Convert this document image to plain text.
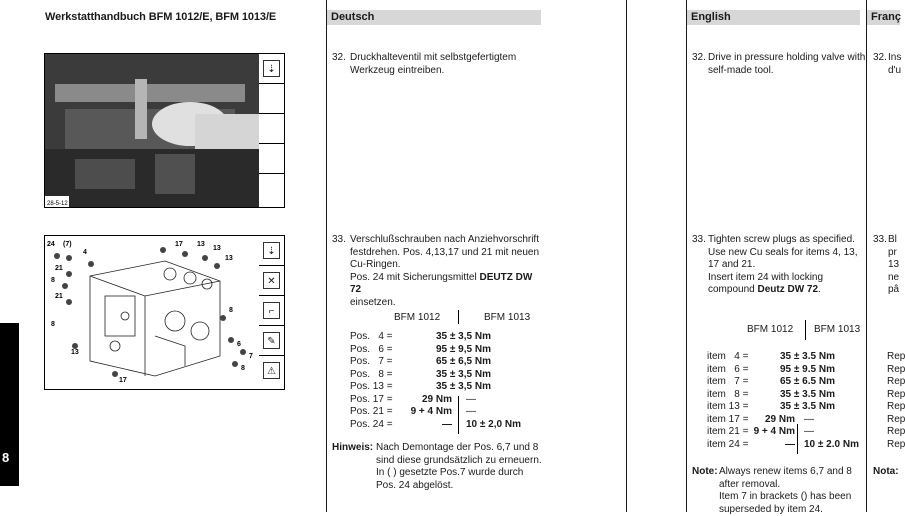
Werkstatthandbuch BFM 1012/E, BFM 1013/E	Deutsch	English	Franç
28-5-12
⇣
24 (7)
4
21
8
21
8
17 13
13
13
8
6
7
8
13
17
⇣
✕
⌐
✎
⚠
8
32. Druckhalteventil mit selbstgefertigtem
Werkzeug eintreiben.
33. Verschlußschrauben nach Anziehvorschrift
festdrehen. Pos. 4,13,17 und 21 mit neuen
Cu-Ringen.
Pos. 24 mit Sicherungsmittel DEUTZ DW 72
einsetzen.
BFM 1012	BFM 1013
Pos.   4 =	35 ± 3,5 Nm
Pos.   6 =	95 ± 9,5 Nm
Pos.   7 =	65 ± 6,5 Nm
Pos.   8 =	35 ± 3,5 Nm
Pos. 13 =	35 ± 3,5 Nm
Pos. 17 =	29 Nm —
Pos. 21 = 9 + 4 Nm —
Pos. 24 =	— 10 ± 2,0 Nm
Hinweis: Nach Demontage der Pos. 6,7 und 8
sind diese grundsätzlich zu erneuern.
In ( ) gesetzte Pos.7 wurde durch
Pos. 24 abgelöst.
32. Drive in pressure holding valve with
self-made tool.
33. Tighten screw plugs as specified.
Use new Cu seals for items 4, 13,
17 and 21.
Insert item 24 with locking
compound Deutz DW 72.
BFM 1012 BFM 1013
item   4 =	35 ± 3.5 Nm
item   6 =	95 ± 9.5 Nm
item   7 =	65 ± 6.5 Nm
item   8 =	35 ± 3.5 Nm
item 13 =	35 ± 3.5 Nm
item 17 = 29 Nm —
item 21 = 9 + 4 Nm —
item 24 =	— 10 ± 2.0 Nm
Note:Always renew items 6,7 and 8
after removal.
Item 7 in brackets () has been
superseded by item 24.
32.Ins
d'u
33.Bl
pr
13
ne
pâ
Rep
Rep
Rep
Rep
Rep
Rep
Rep
Rep
Nota:
